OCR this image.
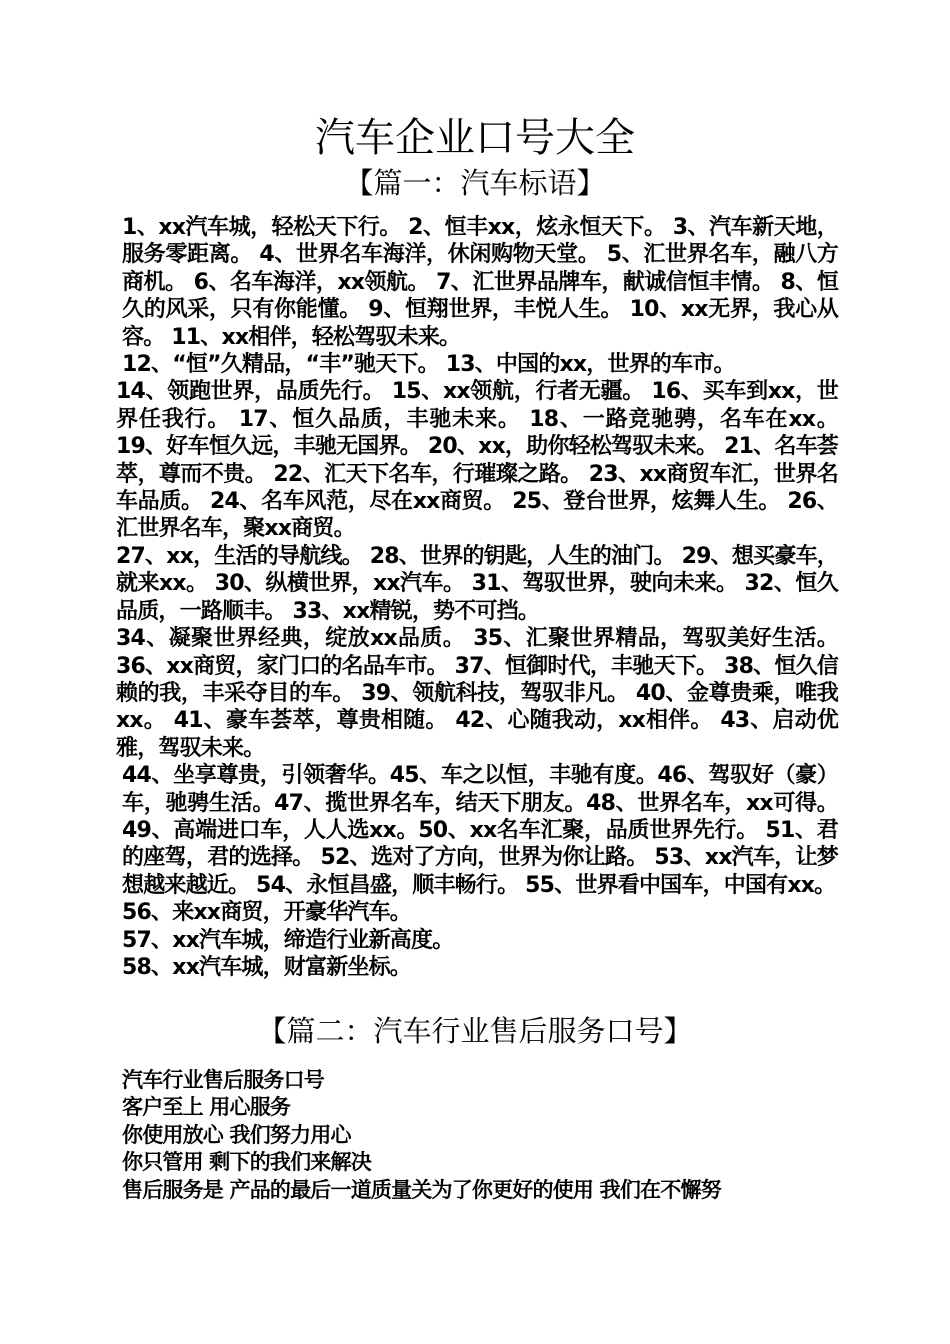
汽车企业口号大全
【篇一：汽车标语】

1、xx汽车城，轻松天下行。 2、恒丰xx，炫永恒天下。 3、汽车新天地，服务零距离。 4、世界名车海洋，休闲购物天堂。 5、汇世界名车，融八方商机。 6、名车海洋，xx领航。 7、汇世界品牌车，献诚信恒丰情。 8、恒久的风采，只有你能懂。 9、恒翔世界，丰悦人生。 10、xx无界，我心从容。 11、xx相伴，轻松驾驭未来。

12、“恒”久精品，“丰”驰天下。 13、中国的xx，世界的车市。

14、领跑世界，品质先行。 15、xx领航，行者无疆。 16、买车到xx，世界任我行。 17、恒久品质，丰驰未来。 18、一路竞驰骋，名车在xx。 19、好车恒久远，丰驰无国界。 20、xx，助你轻松驾驭未来。 21、名车荟萃，尊而不贵。 22、汇天下名车，行璀璨之路。 23、xx商贸车汇，世界名车品质。 24、名车风范，尽在xx商贸。 25、登台世界，炫舞人生。 26、汇世界名车，聚xx商贸。

27、xx，生活的导航线。 28、世界的钥匙，人生的油门。 29、想买豪车，就来xx。 30、纵横世界，xx汽车。 31、驾驭世界，驶向未来。 32、恒久品质，一路顺丰。 33、xx精锐，势不可挡。

34、凝聚世界经典，绽放xx品质。 35、汇聚世界精品，驾驭美好生活。 36、xx商贸，家门口的名品车市。 37、恒御时代，丰驰天下。 38、恒久信赖的我，丰采夺目的车。 39、领航科技，驾驭非凡。 40、金尊贵乘，唯我xx。 41、豪车荟萃，尊贵相随。 42、心随我动，xx相伴。 43、启动优雅，驾驭未来。

44、坐享尊贵，引领奢华。45、车之以恒，丰驰有度。46、驾驭好（豪）车，驰骋生活。47、揽世界名车，结天下朋友。48、世界名车，xx可得。49、高端进口车，人人选xx。50、xx名车汇聚，品质世界先行。 51、君的座驾，君的选择。 52、选对了方向，世界为你让路。 53、xx汽车，让梦想越来越近。 54、永恒昌盛，顺丰畅行。 55、世界看中国车，中国有xx。

56、来xx商贸，开豪华汽车。

57、xx汽车城，缔造行业新高度。

58、xx汽车城，财富新坐标。

【篇二：汽车行业售后服务口号】

汽车行业售后服务口号

客户至上 用心服务

你使用放心 我们努力用心

你只管用 剩下的我们来解决

售后服务是 产品的最后一道质量关为了你更好的使用 我们在不懈努
